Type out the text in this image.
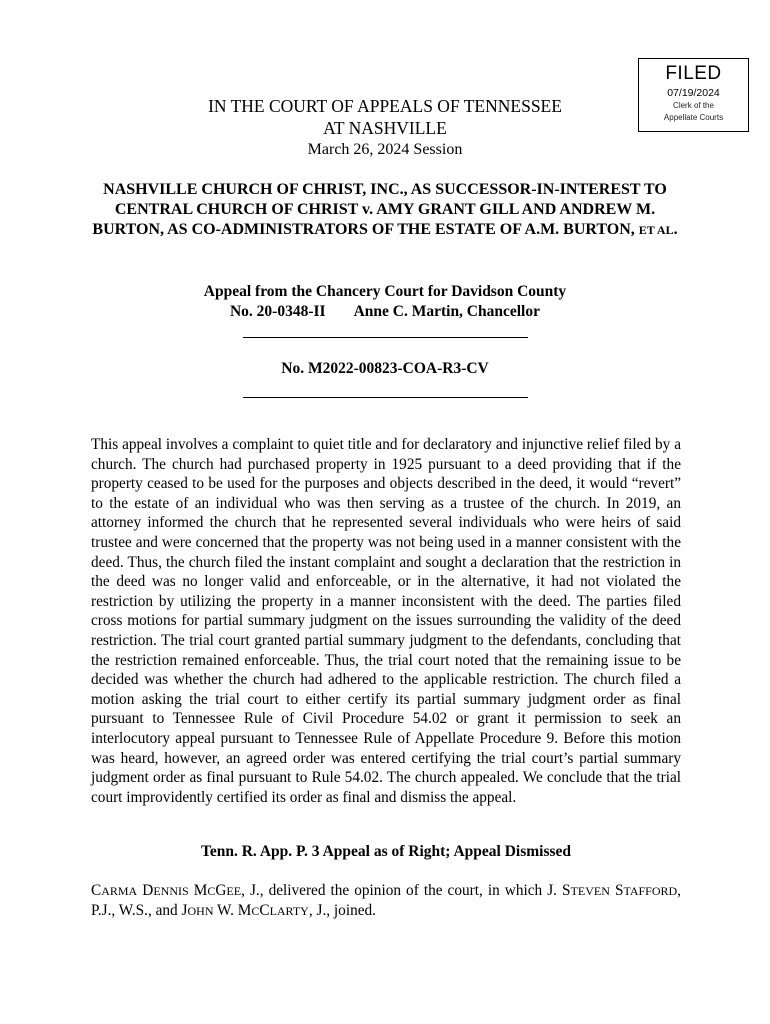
FILED
07/19/2024
Clerk of the
Appellate Courts
IN THE COURT OF APPEALS OF TENNESSEE
AT NASHVILLE
March 26, 2024 Session
NASHVILLE CHURCH OF CHRIST, INC., AS SUCCESSOR-IN-INTEREST TO CENTRAL CHURCH OF CHRIST v. AMY GRANT GILL AND ANDREW M. BURTON, AS CO-ADMINISTRATORS OF THE ESTATE OF A.M. BURTON, ET AL.
Appeal from the Chancery Court for Davidson County
No. 20-0348-II Anne C. Martin, Chancellor
No. M2022-00823-COA-R3-CV

This appeal involves a complaint to quiet title and for declaratory and injunctive relief filed by a church. The church had purchased property in 1925 pursuant to a deed providing that if the property ceased to be used for the purposes and objects described in the deed, it would “revert” to the estate of an individual who was then serving as a trustee of the church. In 2019, an attorney informed the church that he represented several individuals who were heirs of said trustee and were concerned that the property was not being used in a manner consistent with the deed. Thus, the church filed the instant complaint and sought a declaration that the restriction in the deed was no longer valid and enforceable, or in the alternative, it had not violated the restriction by utilizing the property in a manner inconsistent with the deed. The parties filed cross motions for partial summary judgment on the issues surrounding the validity of the deed restriction. The trial court granted partial summary judgment to the defendants, concluding that the restriction remained enforceable. Thus, the trial court noted that the remaining issue to be decided was whether the church had adhered to the applicable restriction. The church filed a motion asking the trial court to either certify its partial summary judgment order as final pursuant to Tennessee Rule of Civil Procedure 54.02 or grant it permission to seek an interlocutory appeal pursuant to Tennessee Rule of Appellate Procedure 9. Before this motion was heard, however, an agreed order was entered certifying the trial court’s partial summary judgment order as final pursuant to Rule 54.02. The church appealed. We conclude that the trial court improvidently certified its order as final and dismiss the appeal.

Tenn. R. App. P. 3 Appeal as of Right; Appeal Dismissed

CARMA DENNIS MCGEE, J., delivered the opinion of the court, in which J. STEVEN STAFFORD, P.J., W.S., and JOHN W. MCCLARTY, J., joined.
